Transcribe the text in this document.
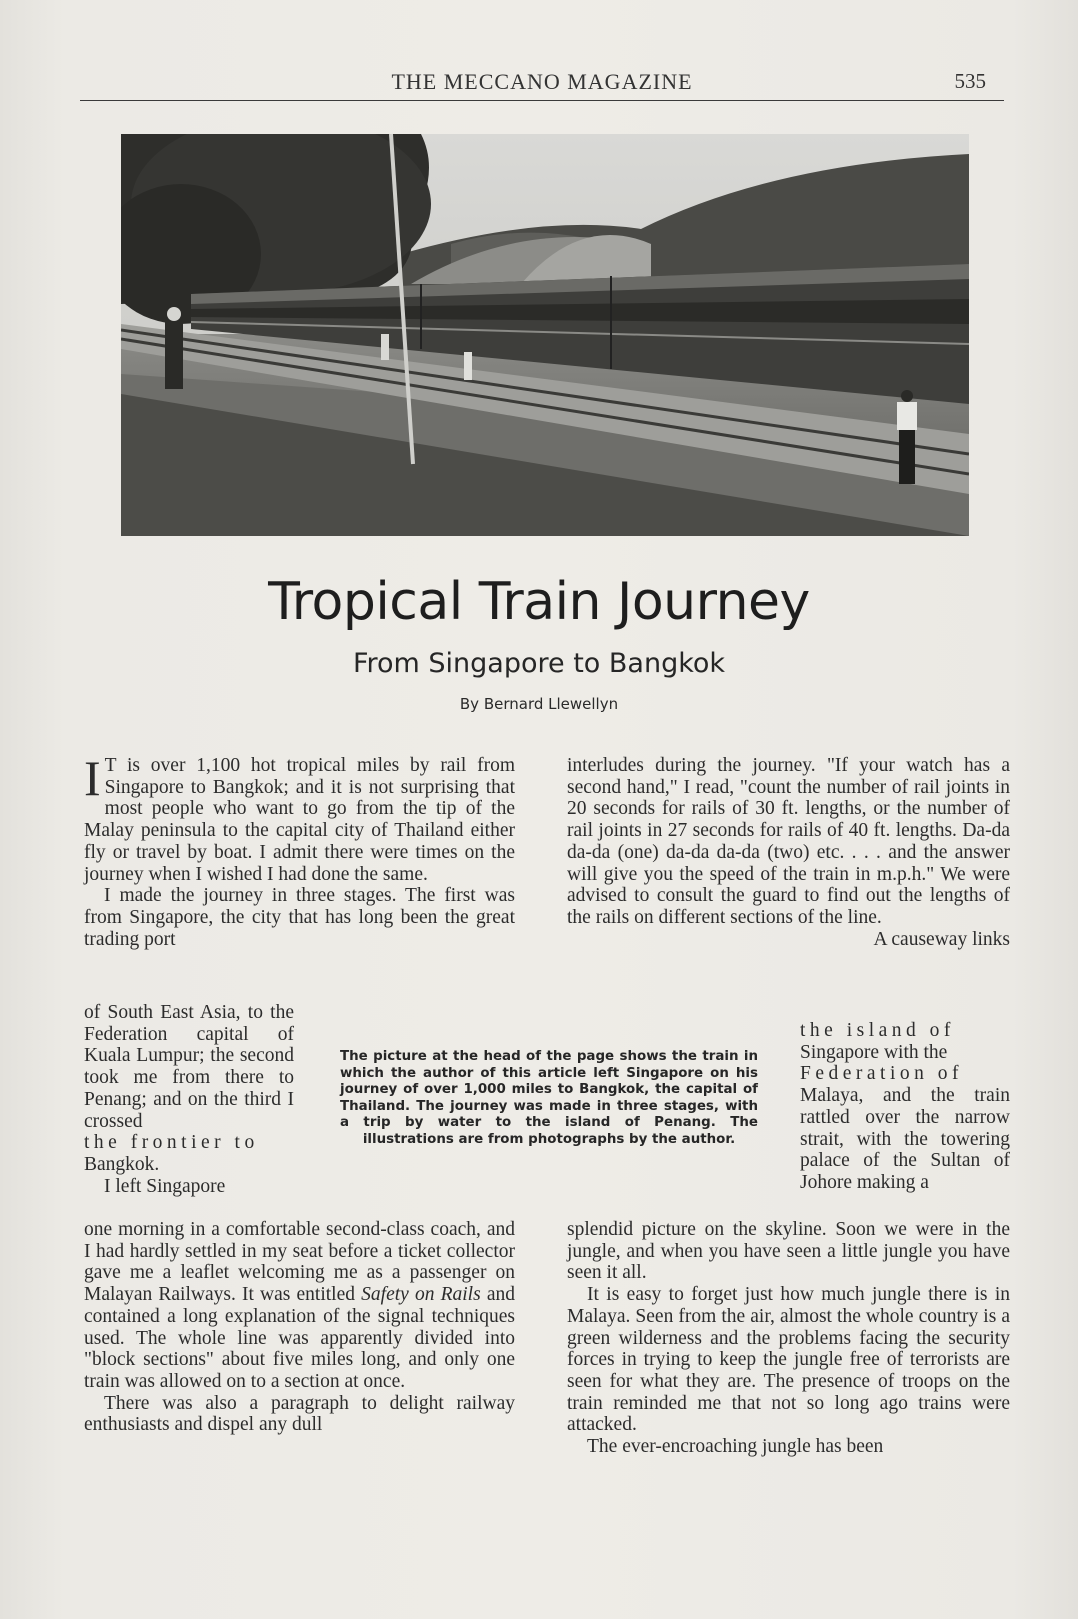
THE MECCANO MAGAZINE	535
Tropical Train Journey
From Singapore to Bangkok
By Bernard Llewellyn

I T is over 1,100 hot tropical miles by rail from Singapore to Bangkok; and it is not surprising that most people who want to go from the tip of the Malay peninsula to the capital city of Thailand either fly or travel by boat. I admit there were times on the journey when I wished I had done the same.

I made the journey in three stages. The first was from Singapore, the city that has long been the great trading port

of South East Asia, to the Federation capital of Kuala Lumpur; the second took me from there to Penang; and on the third I crossed

the frontier to

Bangkok.

I left Singapore

one morning in a comfortable second-class coach, and I had hardly settled in my seat before a ticket collector gave me a leaflet welcoming me as a passenger on Malayan Railways. It was entitled Safety on Rails and contained a long explanation of the signal techniques used. The whole line was apparently divided into "block sections" about five miles long, and only one train was allowed on to a section at once.

There was also a paragraph to delight railway enthusiasts and dispel any dull

The picture at the head of the page shows the train in which the author of this article left Singapore on his journey of over 1,000 miles to Bangkok, the capital of Thailand. The journey was made in three stages, with a trip by water to the island of Penang. The illustrations are from photographs by the author.

interludes during the journey. "If your watch has a second hand," I read, "count the number of rail joints in 20 seconds for rails of 30 ft. lengths, or the number of rail joints in 27 seconds for rails of 40 ft. lengths. Da-da da-da (one) da-da da-da (two) etc. . . . and the answer will give you the speed of the train in m.p.h." We were advised to consult the guard to find out the lengths of the rails on different sections of the line.

A causeway links

the island of

Singapore with the

Federation of

Malaya, and the train rattled over the narrow strait, with the towering palace of the Sultan of Johore making a

splendid picture on the skyline. Soon we were in the jungle, and when you have seen a little jungle you have seen it all.

It is easy to forget just how much jungle there is in Malaya. Seen from the air, almost the whole country is a green wilderness and the problems facing the security forces in trying to keep the jungle free of terrorists are seen for what they are. The presence of troops on the train reminded me that not so long ago trains were attacked.

The ever-encroaching jungle has been
